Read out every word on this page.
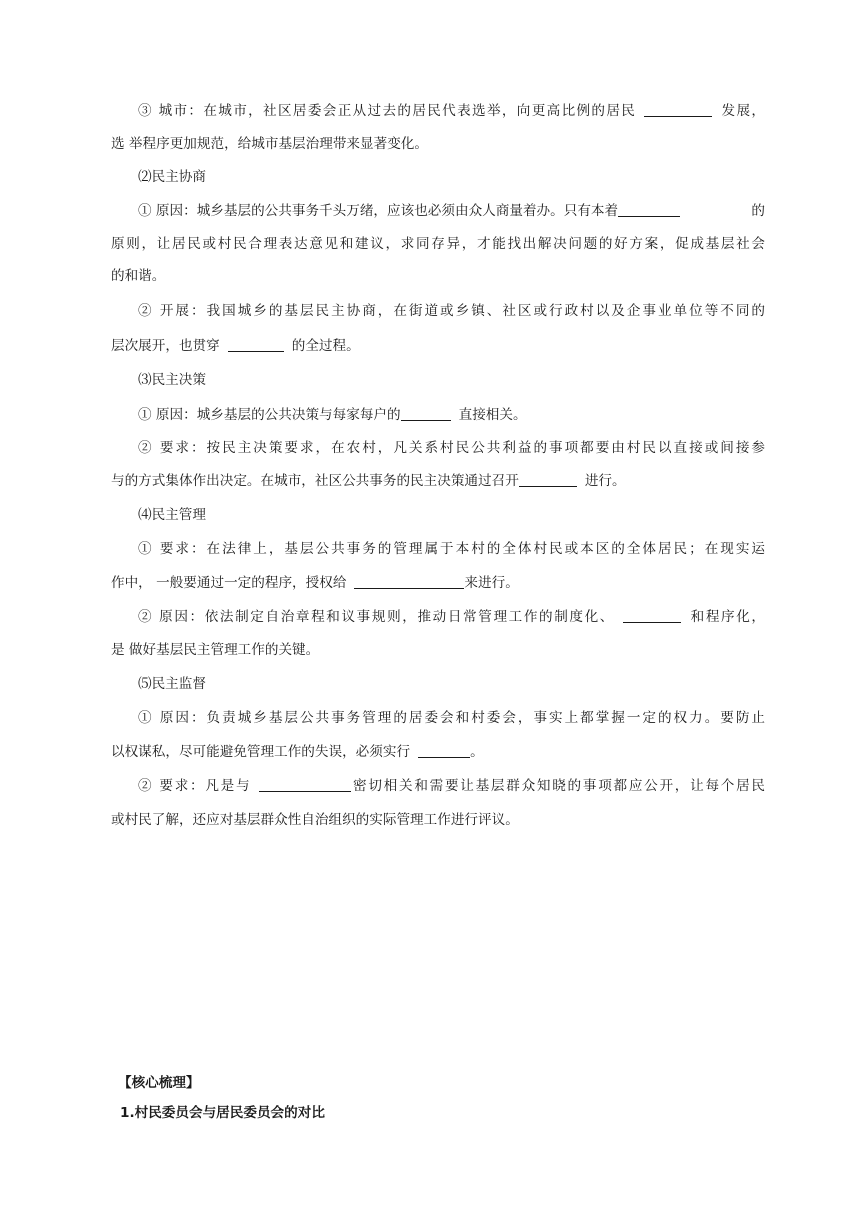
③ 城市：在城市，社区居委会正从过去的居民代表选举，向更高比例的居民	发展，
选 举程序更加规范，给城市基层治理带来显著变化。
⑵民主协商
① 原因：城乡基层的公共事务千头万绪，应该也必须由众人商量着办。只有本着	的
原则，让居民或村民合理表达意见和建议，求同存异，才能找出解决问题的好方案，促成基层社会
的和谐。
② 开展：我国城乡的基层民主协商，在街道或乡镇、社区或行政村以及企事业单位等不同的
层次展开，也贯穿	的全过程。
⑶民主决策
① 原因：城乡基层的公共决策与每家每户的	直接相关。
② 要求：按民主决策要求，在农村，凡关系村民公共利益的事项都要由村民以直接或间接参
与的方式集体作出决定。在城市，社区公共事务的民主决策通过召开	进行。
⑷民主管理
① 要求：在法律上，基层公共事务的管理属于本村的全体村民或本区的全体居民；在现实运
作中， 一般要通过一定的程序，授权给	来进行。
② 原因：依法制定自治章程和议事规则，推动日常管理工作的制度化、	和程序化，
是 做好基层民主管理工作的关键。
⑸民主监督
① 原因：负责城乡基层公共事务管理的居委会和村委会，事实上都掌握一定的权力。要防止
以权谋私，尽可能避免管理工作的失误，必须实行	。
② 要求：凡是与	密切相关和需要让基层群众知晓的事项都应公开，让每个居民
或村民了解，还应对基层群众性自治组织的实际管理工作进行评议。
【核心梳理】
1.村民委员会与居民委员会的对比
